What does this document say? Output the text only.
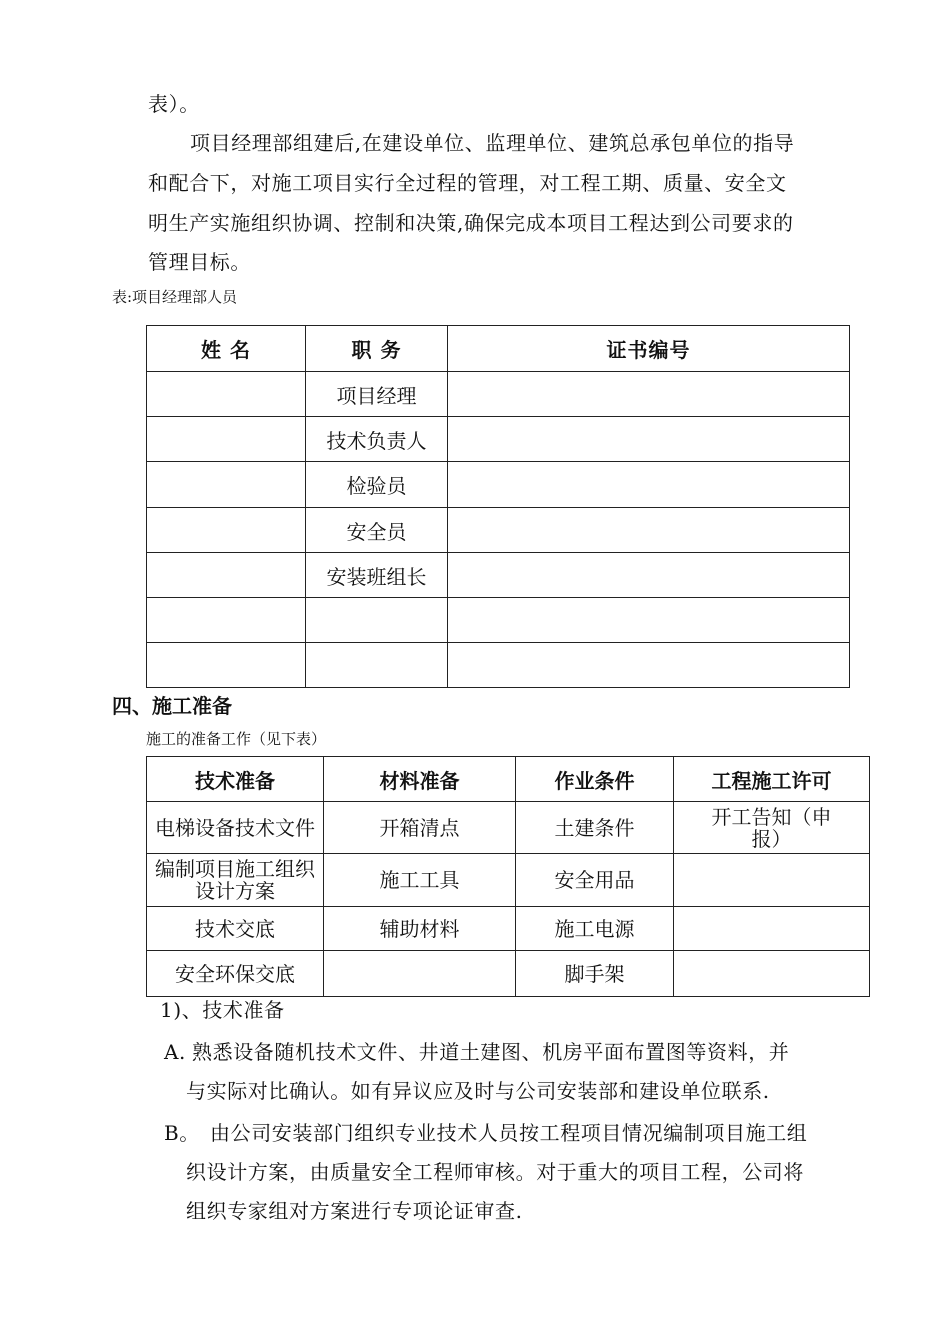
表）。
项目经理部组建后,在建设单位、监理单位、建筑总承包单位的指导
和配合下，对施工项目实行全过程的管理，对工程工期、质量、安全文
明生产实施组织协调、控制和决策,确保完成本项目工程达到公司要求的
管理目标。
表:项目经理部人员
姓 名	职 务	证书编号
	项目经理	
	技术负责人	
	检验员	
	安全员	
	安装班组长	

四、施工准备
施工的准备工作（见下表）
技术准备	材料准备	作业条件	工程施工许可
电梯设备技术文件	开箱清点	土建条件	开工告知（申报）
编制项目施工组织设计方案	施工工具	安全用品	
技术交底	辅助材料	施工电源	
安全环保交底		脚手架	
1)、技术准备
A. 熟悉设备随机技术文件、井道土建图、机房平面布置图等资料，并
与实际对比确认。如有异议应及时与公司安装部和建设单位联系.
B。 由公司安装部门组织专业技术人员按工程项目情况编制项目施工组
织设计方案，由质量安全工程师审核。对于重大的项目工程，公司将
组织专家组对方案进行专项论证审查.
